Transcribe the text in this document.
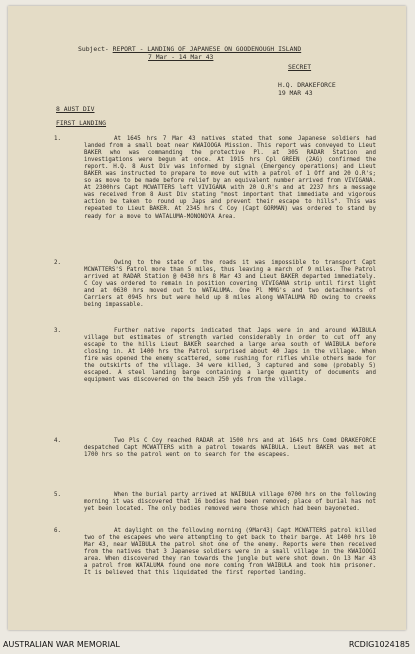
Subject- REPORT - LANDING OF JAPANESE ON GOODENOUGH ISLAND
7 Mar - 14 Mar 43
SECRET
H.Q. DRAKEFORCE
19 MAR 43
8 AUST DIV
FIRST LANDING
1.	At 1645 hrs 7 Mar 43 natives stated that some Japanese soldiers had landed from a small boat near KWAIOOGA Mission. This report was conveyed to Lieut BAKER who was commanding the protective Pl. at 305 RADAR Station and investigations were begun at once. At 1915 hrs Cpl GREEN (2AG) confirmed the report. H.Q. 8 Aust Div was informed by signal (Emergency operations) and Lieut BAKER was instructed to prepare to move out with a patrol of 1 Off and 20 O.R's; so as move to be made before relief by an equivalent number arrived from VIVIGANA. At 2300hrs Capt MCWATTERS left VIVIGANA with 20 O.R's and at 2237 hrs a message was received from 8 Aust Div stating "most important that immediate and vigorous action be taken to round up Japs and prevent their escape to hills". This was repeated to Lieut BAKER. At 2345 hrs C Coy (Capt GORMAN) was ordered to stand by ready for a move to WATALUMA-MONONOYA Area.
2.	Owing to the state of the roads it was impossible to transport Capt MCWATTERS'S Patrol more than 5 miles, thus leaving a march of 9 miles. The Patrol arrived at RADAR Station @ 0430 hrs 8 Mar 43 and Lieut BAKER departed immediately. C Coy was ordered to remain in position covering VIVIGANA strip until first light and at 0630 hrs moved out to WATALUMA. One Pl MMG's and two detachments of Carriers at 0945 hrs but were held up 8 miles along WATALUMA RD owing to creeks being impassable.
3.	Further native reports indicated that Japs were in and around WAIBULA village but estimates of strength varied considerably in order to cut off any escape to the hills Lieut BAKER searched a large area south of WAIBULA before closing in. At 1400 hrs the Patrol surprised about 40 Japs in the village. When fire was opened the enemy scattered, some rushing for rifles while others made for the outskirts of the village. 34 were killed, 3 captured and some (probably 5) escaped. A steel landing barge containing a large quantity of documents and equipment was discovered on the beach 250 yds from the village.
4.	Two Pls C Coy reached RADAR at 1500 hrs and at 1645 hrs Comd DRAKEFORCE despatched Capt MCWATTERS with a patrol towards WAIBULA. Lieut BAKER was met at 1700 hrs so the patrol went on to search for the escapees.
5.	When the burial party arrived at WAIBULA village 0700 hrs on the following morning it was discovered that 16 bodies had been removed; place of burial has not yet been located. The only bodies removed were those which had been bayoneted.
6.	At daylight on the following morning (9Mar43) Capt MCWATTERS patrol killed two of the escapees who were attempting to get back to their barge. At 1400 hrs 10 Mar 43, near WAIBULA the patrol shot one of the enemy. Reports were then received from the natives that 3 Japanese soldiers were in a small village in the KWAIOOGI area. When discovered they ran towards the jungle but were shot down. On 13 Mar 43 a patrol from WATALUMA found one more coming from WAIBULA and took him prisoner. It is believed that this liquidated the first reported landing.
AUSTRALIAN WAR MEMORIAL	RCDIG1024185
